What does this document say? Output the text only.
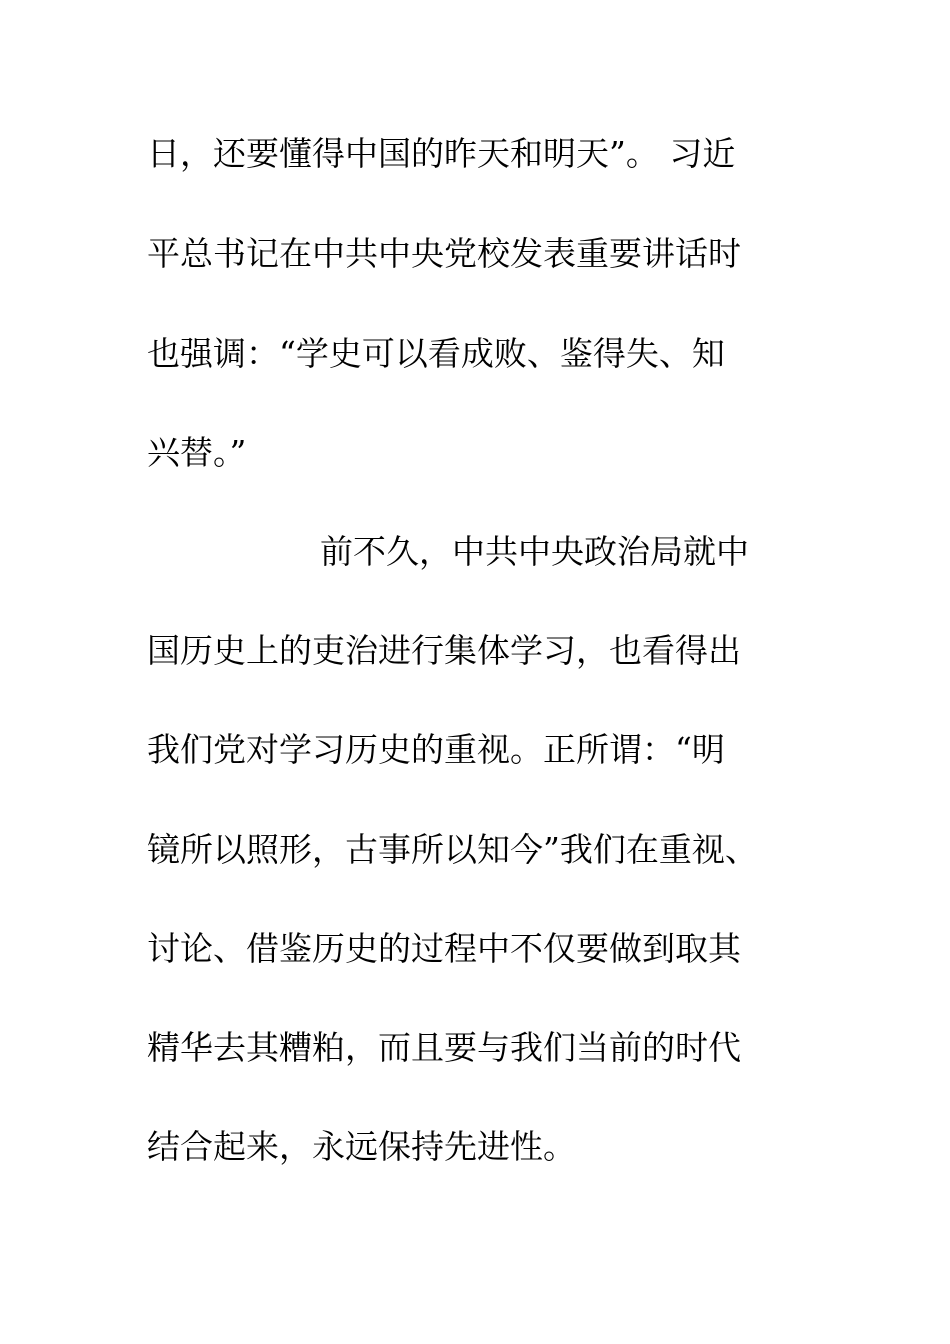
日，还要懂得中国的昨天和明天”。 习近
平总书记在中共中央党校发表重要讲话时
也强调：“学史可以看成败、鉴得失、知
兴替。”
前不久，中共中央政治局就中
国历史上的吏治进行集体学习，也看得出
我们党对学习历史的重视。正所谓：“明
镜所以照形，古事所以知今”我们在重视、
讨论、借鉴历史的过程中不仅要做到取其
精华去其糟粕，而且要与我们当前的时代
结合起来，永远保持先进性。
